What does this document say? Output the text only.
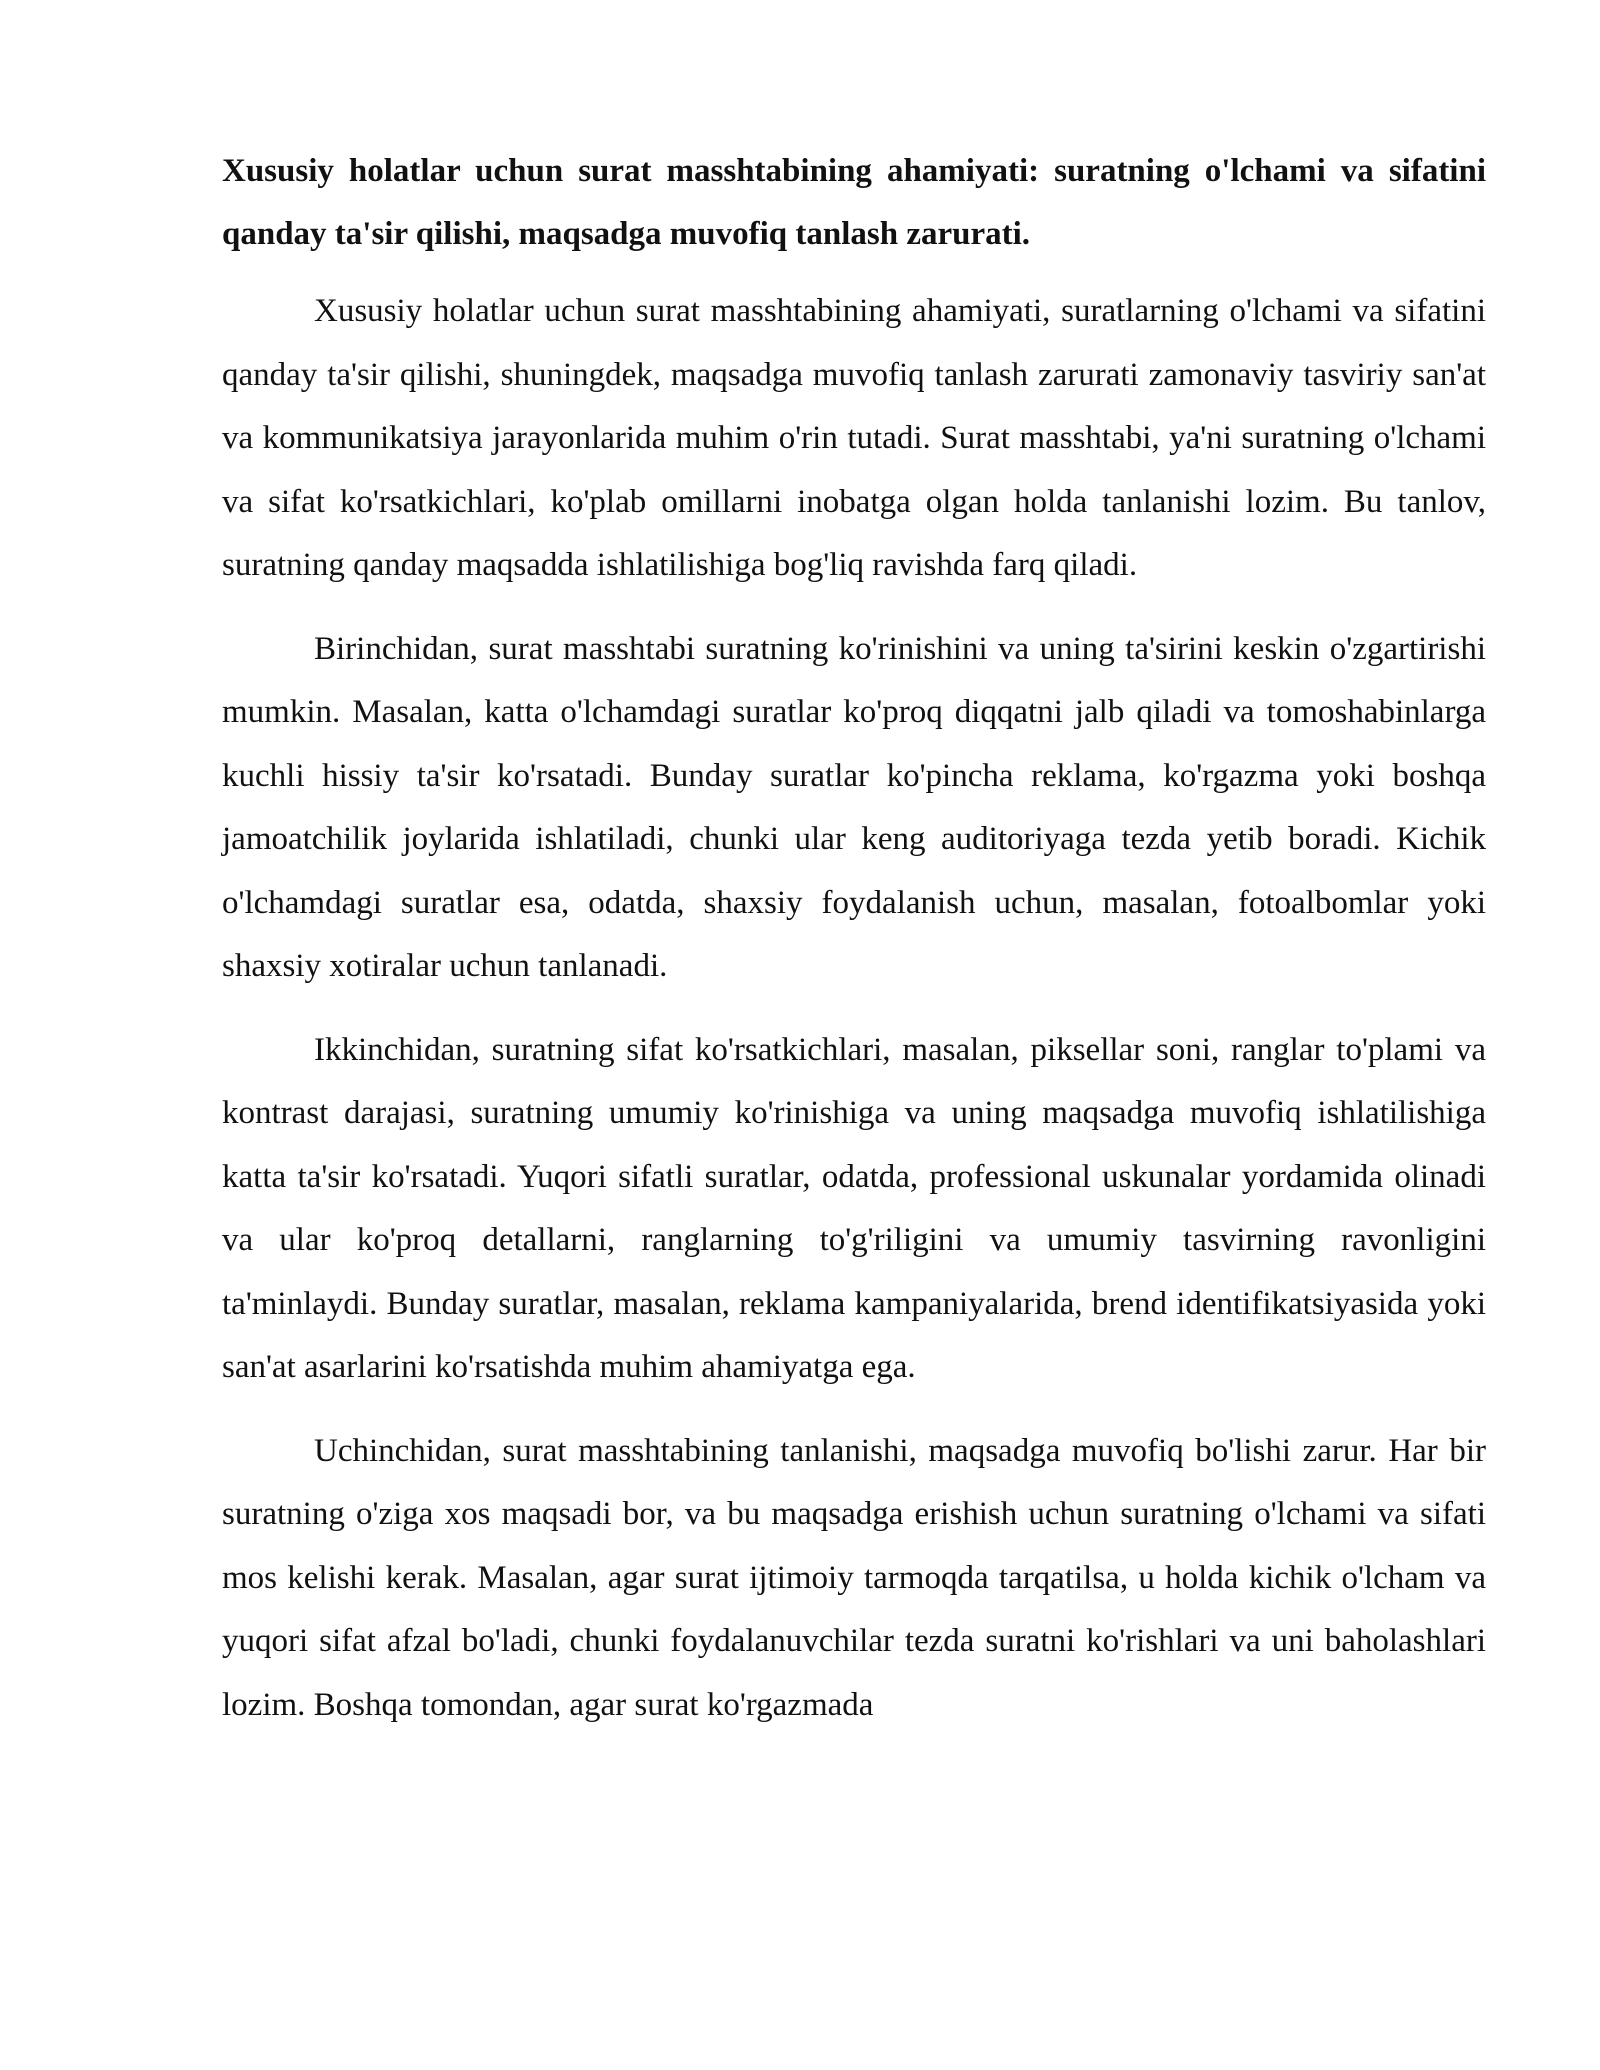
Xususiy holatlar uchun surat masshtabining ahamiyati: suratning o'lchami va sifatini qanday ta'sir qilishi, maqsadga muvofiq tanlash zarurati.

Xususiy holatlar uchun surat masshtabining ahamiyati, suratlarning o'lchami va sifatini qanday ta'sir qilishi, shuningdek, maqsadga muvofiq tanlash zarurati zamonaviy tasviriy san'at va kommunikatsiya jarayonlarida muhim o'rin tutadi. Surat masshtabi, ya'ni suratning o'lchami va sifat ko'rsatkichlari, ko'plab omillarni inobatga olgan holda tanlanishi lozim. Bu tanlov, suratning qanday maqsadda ishlatilishiga bog'liq ravishda farq qiladi.

Birinchidan, surat masshtabi suratning ko'rinishini va uning ta'sirini keskin o'zgartirishi mumkin. Masalan, katta o'lchamdagi suratlar ko'proq diqqatni jalb qiladi va tomoshabinlarga kuchli hissiy ta'sir ko'rsatadi. Bunday suratlar ko'pincha reklama, ko'rgazma yoki boshqa jamoatchilik joylarida ishlatiladi, chunki ular keng auditoriyaga tezda yetib boradi. Kichik o'lchamdagi suratlar esa, odatda, shaxsiy foydalanish uchun, masalan, fotoalbomlar yoki shaxsiy xotiralar uchun tanlanadi.

Ikkinchidan, suratning sifat ko'rsatkichlari, masalan, piksellar soni, ranglar to'plami va kontrast darajasi, suratning umumiy ko'rinishiga va uning maqsadga muvofiq ishlatilishiga katta ta'sir ko'rsatadi. Yuqori sifatli suratlar, odatda, professional uskunalar yordamida olinadi va ular ko'proq detallarni, ranglarning to'g'riligini va umumiy tasvirning ravonligini ta'minlaydi. Bunday suratlar, masalan, reklama kampaniyalarida, brend identifikatsiyasida yoki san'at asarlarini ko'rsatishda muhim ahamiyatga ega.

Uchinchidan, surat masshtabining tanlanishi, maqsadga muvofiq bo'lishi zarur. Har bir suratning o'ziga xos maqsadi bor, va bu maqsadga erishish uchun suratning o'lchami va sifati mos kelishi kerak. Masalan, agar surat ijtimoiy tarmoqda tarqatilsa, u holda kichik o'lcham va yuqori sifat afzal bo'ladi, chunki foydalanuvchilar tezda suratni ko'rishlari va uni baholashlari lozim. Boshqa tomondan, agar surat ko'rgazmada
